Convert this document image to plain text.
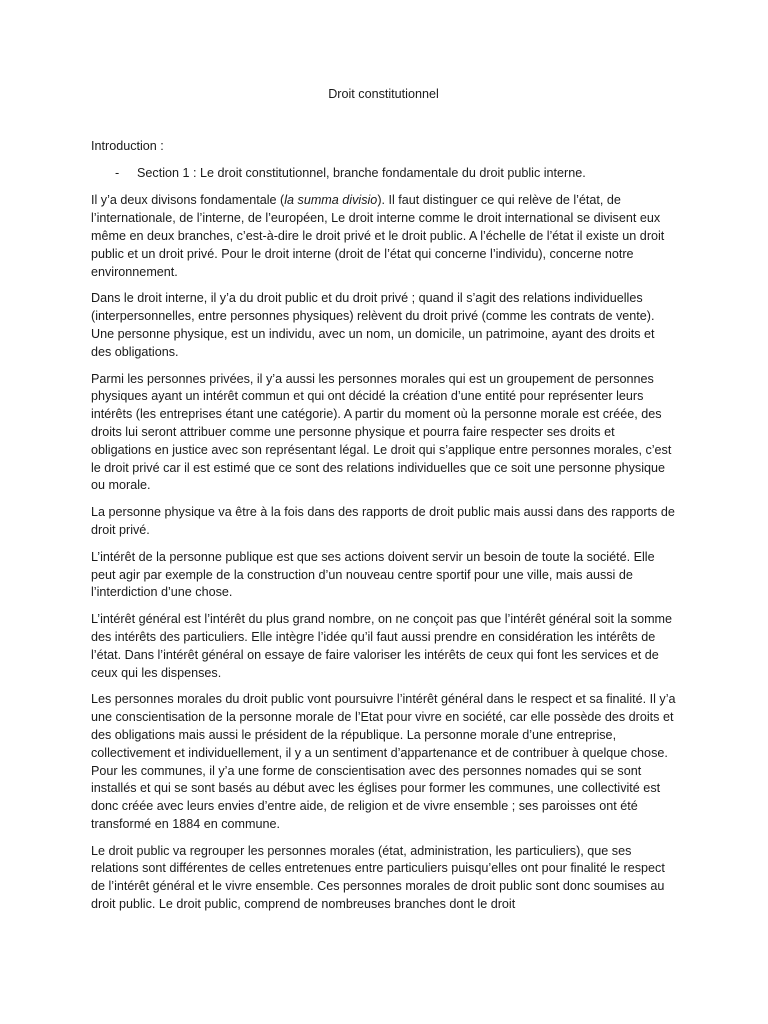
Droit constitutionnel
Introduction :
-	Section 1 : Le droit constitutionnel, branche fondamentale du droit public interne.

Il y’a deux divisons fondamentale (la summa divisio). Il faut distinguer ce qui relève de l’état, de l’internationale, de l’interne, de l’européen, Le droit interne comme le droit international se divisent eux même en deux branches, c’est-à-dire le droit privé et le droit public. A l’échelle de l’état il existe un droit public et un droit privé. Pour le droit interne (droit de l’état qui concerne l’individu), concerne notre environnement.

Dans le droit interne, il y’a du droit public et du droit privé ; quand il s’agit des relations individuelles (interpersonnelles, entre personnes physiques) relèvent du droit privé (comme les contrats de vente). Une personne physique, est un individu, avec un nom, un domicile, un patrimoine, ayant des droits et des obligations.

Parmi les personnes privées, il y’a aussi les personnes morales qui est un groupement de personnes physiques ayant un intérêt commun et qui ont décidé la création d’une entité pour représenter leurs intérêts (les entreprises étant une catégorie). A partir du moment où la personne morale est créée, des droits lui seront attribuer comme une personne physique et pourra faire respecter ses droits et obligations en justice avec son représentant légal. Le droit qui s’applique entre personnes morales, c’est le droit privé car il est estimé que ce sont des relations individuelles que ce soit une personne physique ou morale.

La personne physique va être à la fois dans des rapports de droit public mais aussi dans des rapports de droit privé.

L’intérêt de la personne publique est que ses actions doivent servir un besoin de toute la société. Elle peut agir par exemple de la construction d’un nouveau centre sportif pour une ville, mais aussi de l’interdiction d’une chose.

L’intérêt général est l’intérêt du plus grand nombre, on ne conçoit pas que l’intérêt général soit la somme des intérêts des particuliers. Elle intègre l’idée qu’il faut aussi prendre en considération les intérêts de l’état. Dans l’intérêt général on essaye de faire valoriser les intérêts de ceux qui font les services et de ceux qui les dispenses.

Les personnes morales du droit public vont poursuivre l’intérêt général dans le respect et sa finalité. Il y’a une conscientisation de la personne morale de l’Etat pour vivre en société, car elle possède des droits et des obligations mais aussi le président de la république. La personne morale d’une entreprise, collectivement et individuellement, il y a un sentiment d’appartenance et de contribuer à quelque chose. Pour les communes, il y’a une forme de conscientisation avec des personnes nomades qui se sont installés et qui se sont basés au début avec les églises pour former les communes, une collectivité est donc créée avec leurs envies d’entre aide, de religion et de vivre ensemble ; ses paroisses ont été transformé en 1884 en commune.

Le droit public va regrouper les personnes morales (état, administration, les particuliers), que ses relations sont différentes de celles entretenues entre particuliers puisqu’elles ont pour finalité le respect de l’intérêt général et le vivre ensemble. Ces personnes morales de droit public sont donc soumises au droit public. Le droit public, comprend de nombreuses branches dont le droit
